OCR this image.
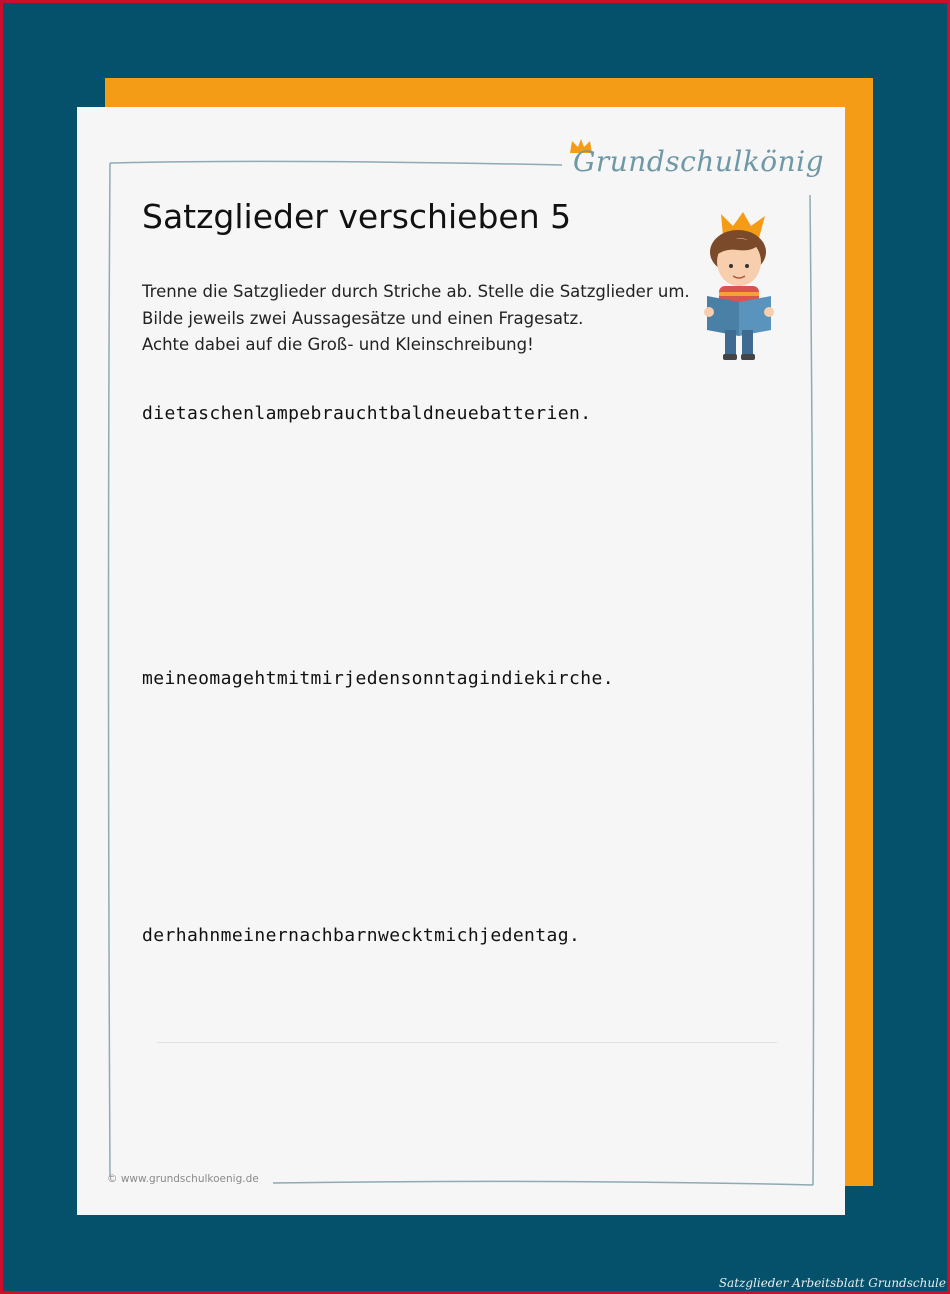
Grundschulkönig
Satzglieder verschieben 5

Trenne die Satzglieder durch Striche ab. Stelle die Satzglieder um.

Bilde jeweils zwei Aussagesätze und einen Fragesatz.

Achte dabei auf die Groß- und Kleinschreibung!

dietaschenlampebrauchtbaldneuebatterien.
meineomagehtmitmirjedensonntagindiekirche.
derhahnmeinernachbarnwecktmichjedentag.
© www.grundschulkoenig.de
Satzglieder Arbeitsblatt Grundschule
